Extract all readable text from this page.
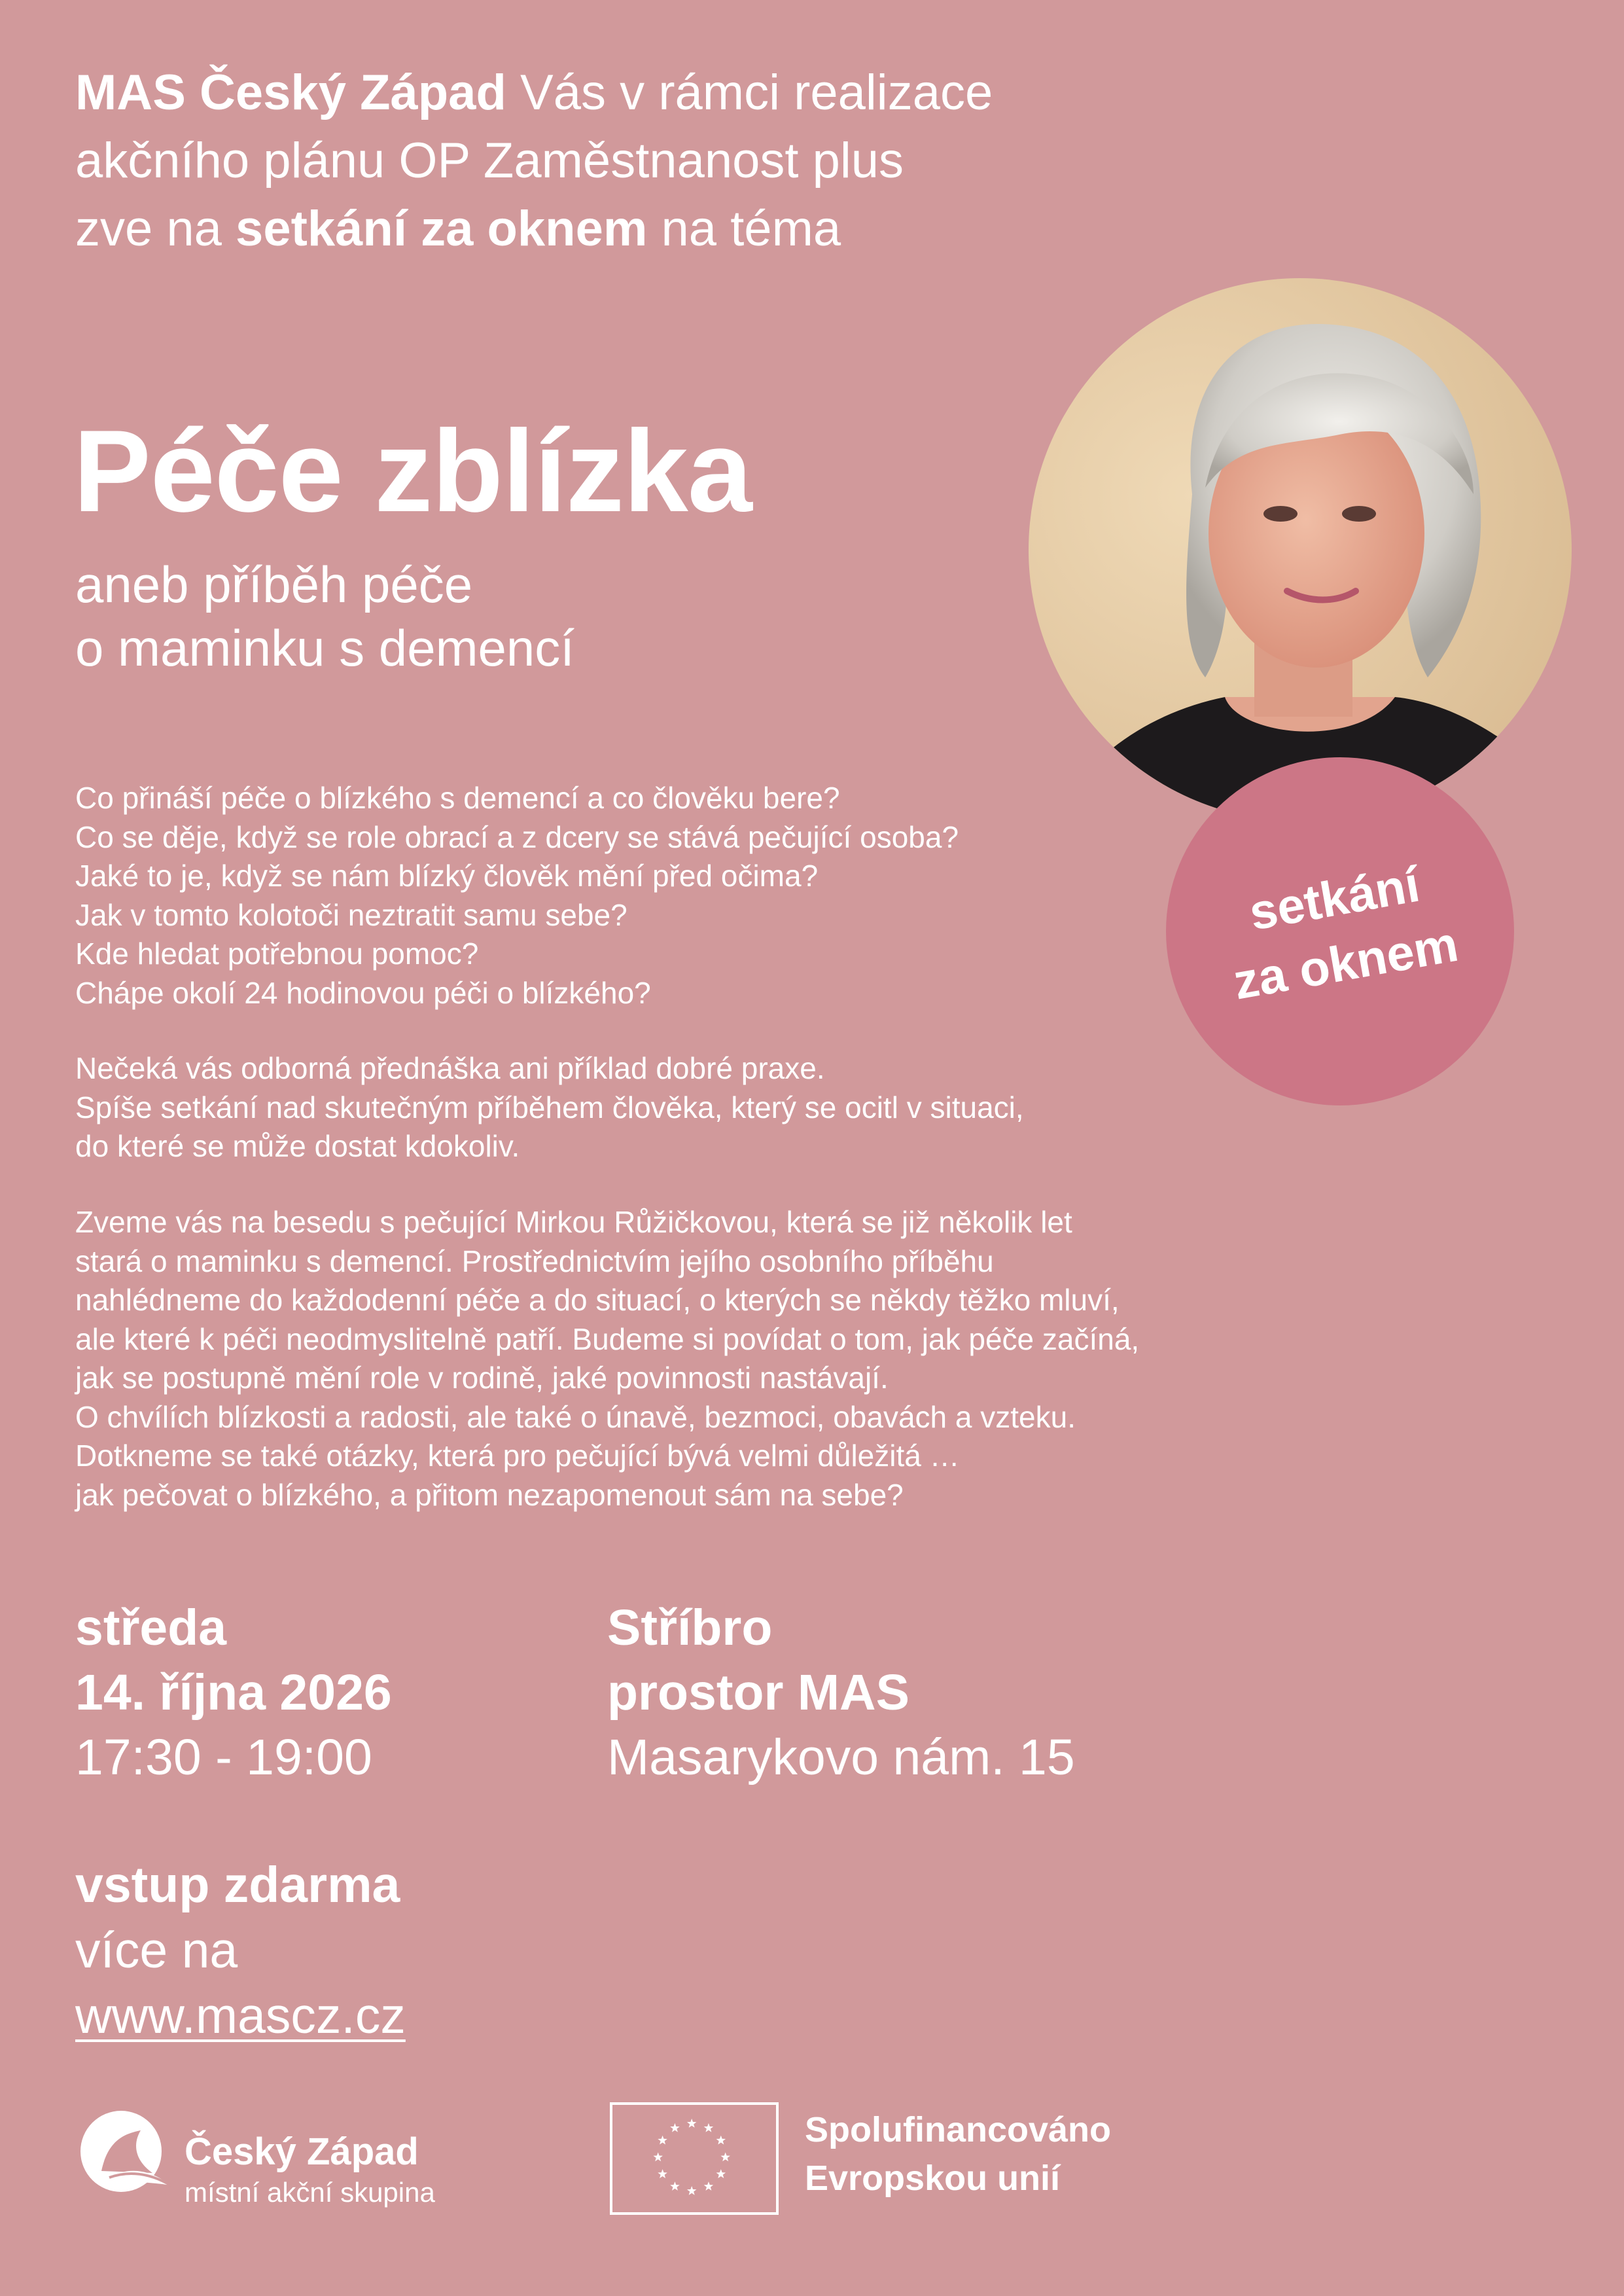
MAS Český Západ Vás v rámci realizace
akčního plánu OP Zaměstnanost plus
zve na setkání za oknem na téma
Péče zblízka

aneb příběh péče
o maminku s demencí

setkání
za oknem

Co přináší péče o blízkého s demencí a co člověku bere?
Co se děje, když se role obrací a z dcery se stává pečující osoba?
Jaké to je, když se nám blízký člověk mění před očima?
Jak v tomto kolotoči neztratit samu sebe?
Kde hledat potřebnou pomoc?
Chápe okolí 24 hodinovou péči o blízkého?

Nečeká vás odborná přednáška ani příklad dobré praxe.
Spíše setkání nad skutečným příběhem člověka, který se ocitl v situaci,
do které se může dostat kdokoliv.

Zveme vás na besedu s pečující Mirkou Růžičkovou, která se již několik let
stará o maminku s demencí. Prostřednictvím jejího osobního příběhu
nahlédneme do každodenní péče a do situací, o kterých se někdy těžko mluví,
ale které k péči neodmyslitelně patří. Budeme si povídat o tom, jak péče začíná,
jak se postupně mění role v rodině, jaké povinnosti nastávají.
O chvílích blízkosti a radosti, ale také o únavě, bezmoci, obavách a vzteku.
Dotkneme se také otázky, která pro pečující bývá velmi důležitá …
jak pečovat o blízkého, a přitom nezapomenout sám na sebe?

středa
14. října 2026
17:30 - 19:00
Stříbro
prostor MAS
Masarykovo nám. 15
vstup zdarma
více na
www.mascz.cz

Český Západ

místní akční skupina

Spolufinancováno
Evropskou unií
